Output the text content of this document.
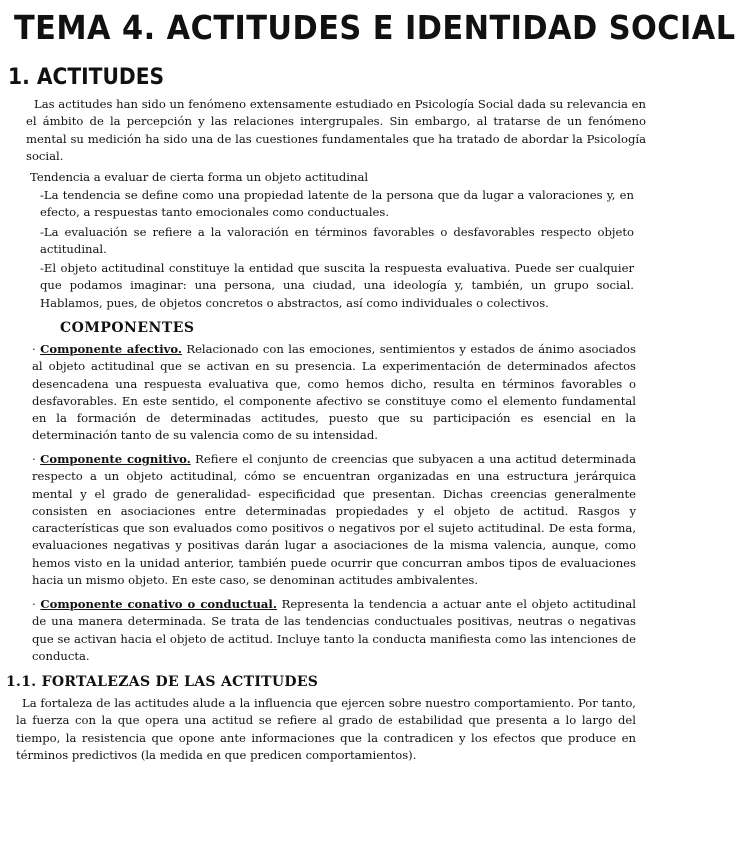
TEMA 4. ACTITUDES E IDENTIDAD SOCIAL
1. ACTITUDES

Las actitudes han sido un fenómeno extensamente estudiado en Psicología Social dada su relevancia en el ámbito de la percepción y las relaciones intergrupales. Sin embargo, al tratarse de un fenómeno mental su medición ha sido una de las cuestiones fundamentales que ha tratado de abordar la Psicología social.

Tendencia a evaluar de cierta forma un objeto actitudinal

-La tendencia se define como una propiedad latente de la persona que da lugar a valoraciones y, en efecto, a respuestas tanto emocionales como conductuales.
-La evaluación se refiere a la valoración en términos favorables o desfavorables respecto objeto actitudinal.
-El objeto actitudinal constituye la entidad que suscita la respuesta evaluativa. Puede ser cualquier que podamos imaginar: una persona, una ciudad, una ideología y, también, un grupo social. Hablamos, pues, de objetos concretos o abstractos, así como individuales o colectivos.
COMPONENTES

· Componente afectivo. Relacionado con las emociones, sentimientos y estados de ánimo asociados al objeto actitudinal que se activan en su presencia. La experimentación de determinados afectos desencadena una respuesta evaluativa que, como hemos dicho, resulta en términos favorables o desfavorables. En este sentido, el componente afectivo se constituye como el elemento fundamental en la formación de determinadas actitudes, puesto que su participación es esencial en la determinación tanto de su valencia como de su intensidad.

· Componente cognitivo. Refiere el conjunto de creencias que subyacen a una actitud determinada respecto a un objeto actitudinal, cómo se encuentran organizadas en una estructura jerárquica mental y el grado de generalidad- especificidad que presentan. Dichas creencias generalmente consisten en asociaciones entre determinadas propiedades y el objeto de actitud. Rasgos y características que son evaluados como positivos o negativos por el sujeto actitudinal. De esta forma, evaluaciones negativas y positivas darán lugar a asociaciones de la misma valencia, aunque, como hemos visto en la unidad anterior, también puede ocurrir que concurran ambos tipos de evaluaciones hacia un mismo objeto. En este caso, se denominan actitudes ambivalentes.

· Componente conativo o conductual. Representa la tendencia a actuar ante el objeto actitudinal de una manera determinada. Se trata de las tendencias conductuales positivas, neutras o negativas que se activan hacia el objeto de actitud. Incluye tanto la conducta manifiesta como las intenciones de conducta.

1.1. FORTALEZAS DE LAS ACTITUDES

La fortaleza de las actitudes alude a la influencia que ejercen sobre nuestro comportamiento. Por tanto, la fuerza con la que opera una actitud se refiere al grado de estabilidad que presenta a lo largo del tiempo, la resistencia que opone ante informaciones que la contradicen y los efectos que produce en términos predictivos (la medida en que predicen comportamientos).
